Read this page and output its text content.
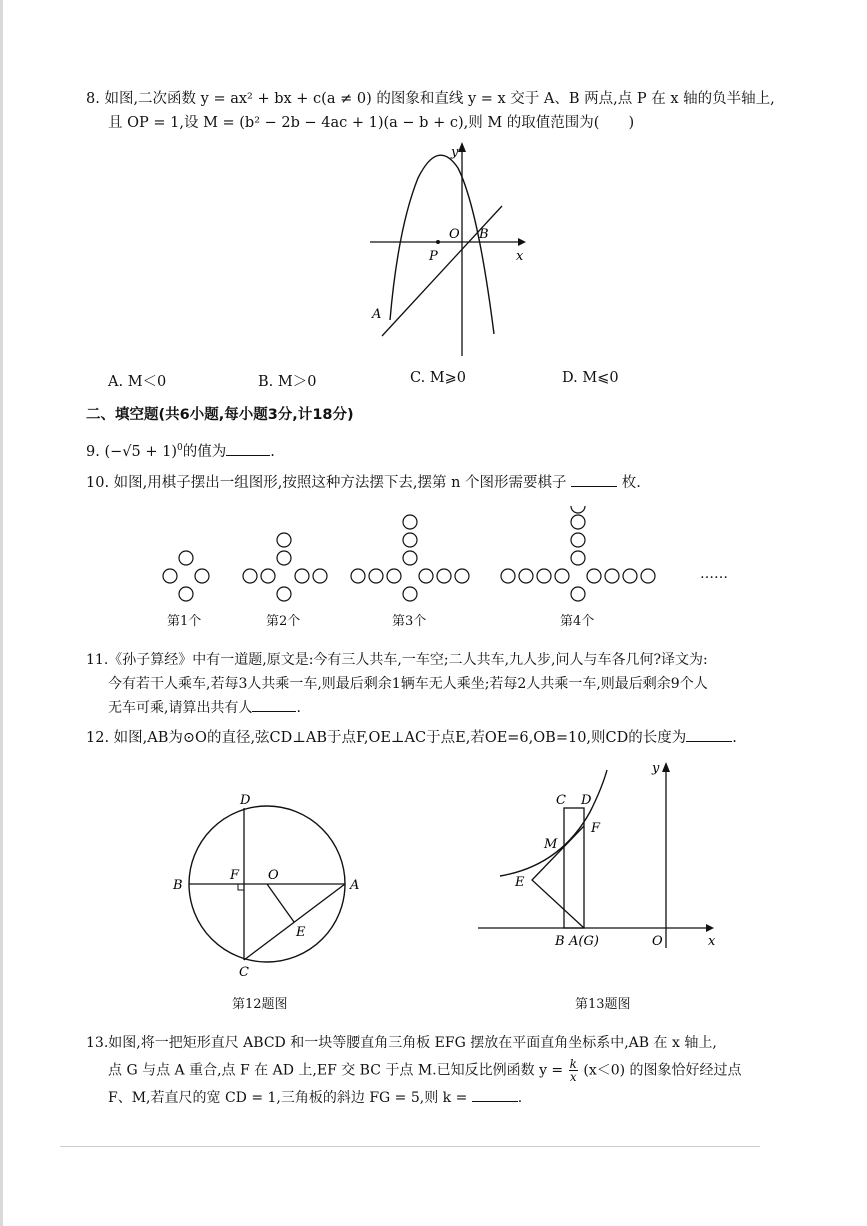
8. 如图,二次函数 y = ax² + bx + c(a ≠ 0) 的图象和直线 y = x 交于 A、B 两点,点 P 在 x 轴的负半轴上,
且 OP = 1,设 M = (b² − 2b − 4ac + 1)(a − b + c),则 M 的取值范围为(　　)
y
x
O B
P
A
A. M＜0	B. M＞0	C. M⩾0	D. M⩽0
二、填空题(共6小题,每小题3分,计18分)
9. $(-√5 + 1)^0$的值为	.
10. 如图,用棋子摆出一组图形,按照这种方法摆下去,摆第 n 个图形需要棋子	枚.
……
第1个	第2个	第3个	第4个
11.《孙子算经》中有一道题,原文是:今有三人共车,一车空;二人共车,九人步,问人与车各几何?译文为:
今有若干人乘车,若每3人共乘一车,则最后剩余1辆车无人乘坐;若每2人共乘一车,则最后剩余9个人
无车可乘,请算出共有人	.
12. 如图,AB为⊙O的直径,弦CD⊥AB于点F,OE⊥AC于点E,若OE=6,OB=10,则CD的长度为	.
D
B
F O
A
E
C
第12题图
y
C D
F
M
E
B A(G)	O	x
第13题图
13.如图,将一把矩形直尺 ABCD 和一块等腰直角三角板 EFG 摆放在平面直角坐标系中,AB 在 x 轴上,
点 G 与点 A 重合,点 F 在 AD 上,EF 交 BC 于点 M.已知反比例函数 $y = \frac{k}{x} (x<0)$ 的图象恰好经过点
F、M,若直尺的宽 CD = 1,三角板的斜边 FG = 5,则 k =	.
